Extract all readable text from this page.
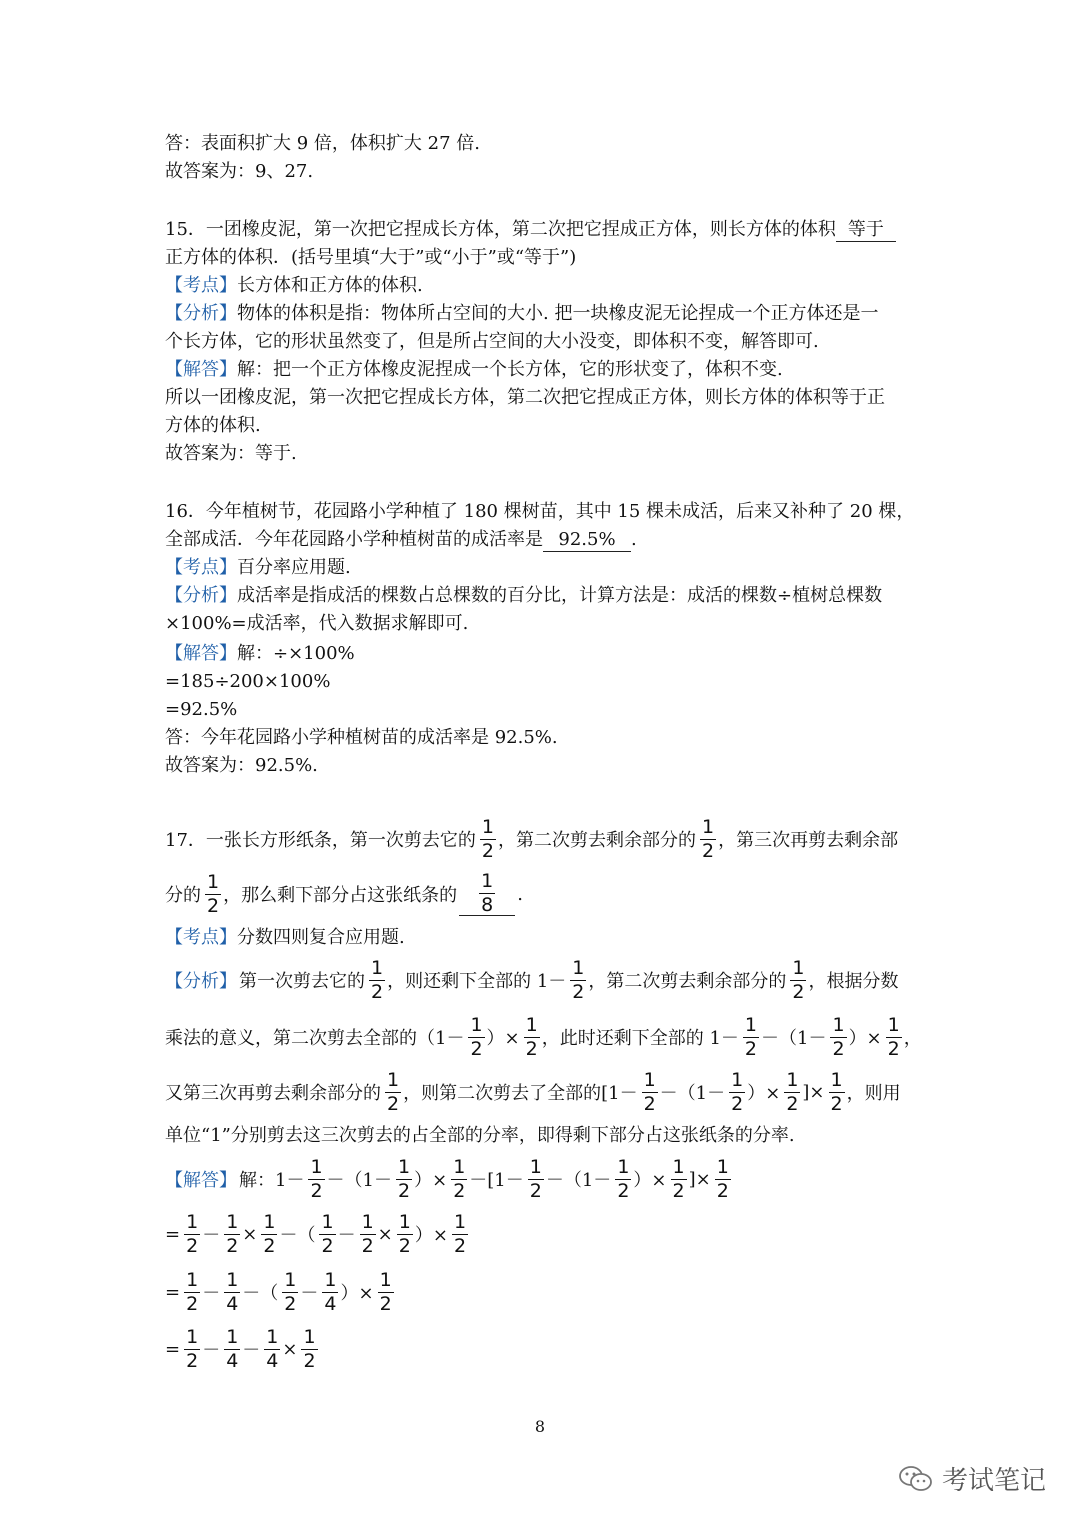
答：表面积扩大 9 倍，体积扩大 27 倍.
故答案为：9、27.
15．一团橡皮泥，第一次把它捏成长方体，第二次把它捏成正方体，则长方体的体积 等于
正方体的体积．(括号里填“大于”或“小于”或“等于”)
【考点】长方体和正方体的体积.
【分析】物体的体积是指：物体所占空间的大小. 把一块橡皮泥无论捏成一个正方体还是一
个长方体，它的形状虽然变了，但是所占空间的大小没变，即体积不变，解答即可.
【解答】解：把一个正方体橡皮泥捏成一个长方体，它的形状变了，体积不变.
所以一团橡皮泥，第一次把它捏成长方体，第二次把它捏成正方体，则长方体的体积等于正
方体的体积.
故答案为：等于.
16．今年植树节，花园路小学种植了 180 棵树苗，其中 15 棵未成活，后来又补种了 20 棵，
全部成活．今年花园路小学种植树苗的成活率是 92.5% .
【考点】百分率应用题.
【分析】成活率是指成活的棵数占总棵数的百分比，计算方法是：成活的棵数÷植树总棵数
×100%=成活率，代入数据求解即可.
【解答】解：÷×100%
=185÷200×100%
=92.5%
答：今年花园路小学种植树苗的成活率是 92.5%.
故答案为：92.5%.
17．一张长方形纸条，第一次剪去它的 $\frac{1}{2}$ ，第二次剪去剩余部分的 $\frac{1}{2}$ ，第三次再剪去剩余部
分的 $\frac{1}{2}$ ，那么剩下部分占这张纸条的 $\frac{1}{8}$ .
【考点】分数四则复合应用题.
【分析】 第一次剪去它的 $\frac{1}{2}$ ，则还剩下全部的 $1- \frac{1}{2}$ ，第二次剪去剩余部分的 $\frac{1}{2}$ ，根据分数
乘法的意义，第二次剪去全部的（$1- \frac{1}{2}$ ）× $\frac{1}{2}$ ，此时还剩下全部的 $1- \frac{1}{2} -(1- \frac{1}{2}$ ）× $\frac{1}{2}$ ，
又第三次再剪去剩余部分的 $\frac{1}{2}$ ，则第二次剪去了全部的[$1- \frac{1}{2} -(1- \frac{1}{2}$ ）× $\frac{1}{2}$ ]× $\frac{1}{2}$ ，则用
单位“1”分别剪去这三次剪去的占全部的分率，即得剩下部分占这张纸条的分率.
【解答】 解：$1- \frac{1}{2} -(1- \frac{1}{2}$ ）× $\frac{1}{2} -[1- \frac{1}{2} -(1- \frac{1}{2}$ ）× $\frac{1}{2}$ ]× $\frac{1}{2}$
= $\frac{1}{2} - \frac{1}{2} \times \frac{1}{2}$ －（ $\frac{1}{2} - \frac{1}{2} \times \frac{1}{2}$ ）× $\frac{1}{2}$
= $\frac{1}{2} - \frac{1}{4}$ －（ $\frac{1}{2} - \frac{1}{4}$ ）× $\frac{1}{2}$
= $\frac{1}{2} - \frac{1}{4} - \frac{1}{4} \times \frac{1}{2}$
8
考试笔记
